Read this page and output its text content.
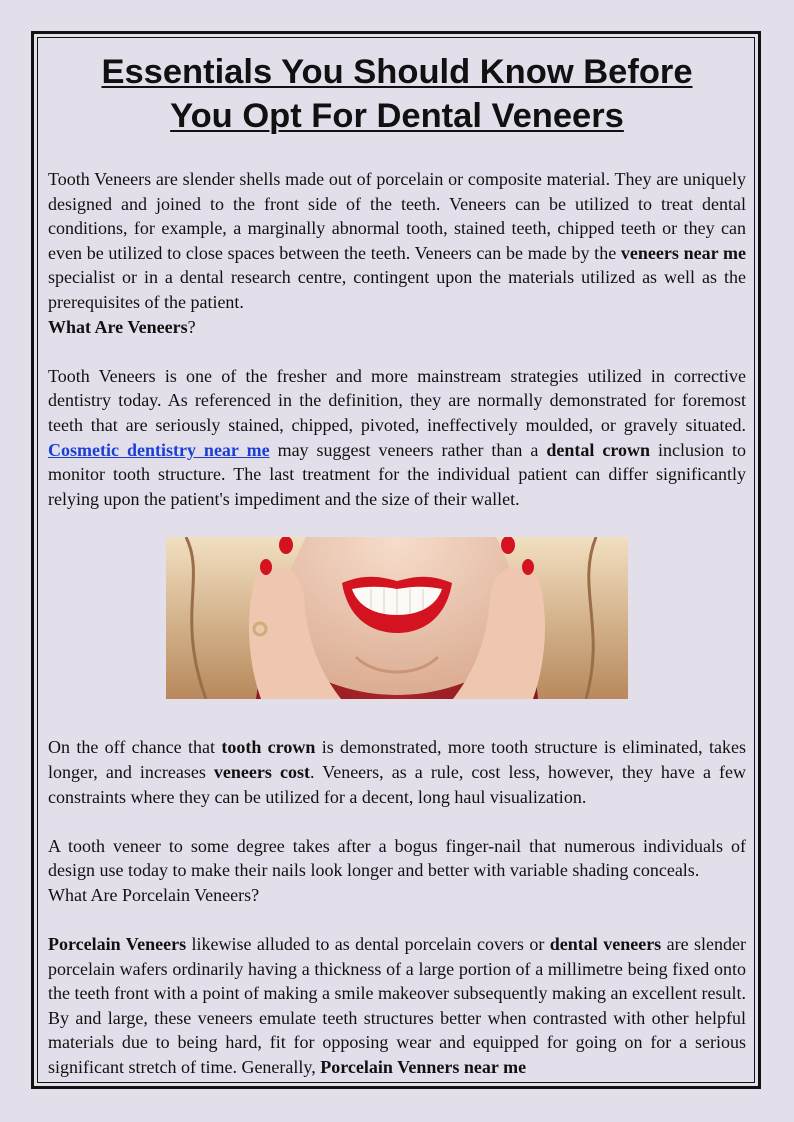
Essentials You Should Know Before
You Opt For Dental Veneers

Tooth Veneers are slender shells made out of porcelain or composite material. They are uniquely designed and joined to the front side of the teeth. Veneers can be utilized to treat dental conditions, for example, a marginally abnormal tooth, stained teeth, chipped teeth or they can even be utilized to close spaces between the teeth. Veneers can be made by the veneers near me specialist or in a dental research centre, contingent upon the materials utilized as well as the prerequisites of the patient.

What Are Veneers?

Tooth Veneers is one of the fresher and more mainstream strategies utilized in corrective dentistry today. As referenced in the definition, they are normally demonstrated for foremost teeth that are seriously stained, chipped, pivoted, ineffectively moulded, or gravely situated. Cosmetic dentistry near me may suggest veneers rather than a dental crown inclusion to monitor tooth structure. The last treatment for the individual patient can differ significantly relying upon the patient's impediment and the size of their wallet.

On the off chance that tooth crown is demonstrated, more tooth structure is eliminated, takes longer, and increases veneers cost. Veneers, as a rule, cost less, however, they have a few constraints where they can be utilized for a decent, long haul visualization.

A tooth veneer to some degree takes after a bogus finger-nail that numerous individuals of design use today to make their nails look longer and better with variable shading conceals.
What Are Porcelain Veneers?

Porcelain Veneers likewise alluded to as dental porcelain covers or dental veneers are slender porcelain wafers ordinarily having a thickness of a large portion of a millimetre being fixed onto the teeth front with a point of making a smile makeover subsequently making an excellent result. By and large, these veneers emulate teeth structures better when contrasted with other helpful materials due to being hard, fit for opposing wear and equipped for going on for a serious significant stretch of time. Generally, Porcelain Venners near me
